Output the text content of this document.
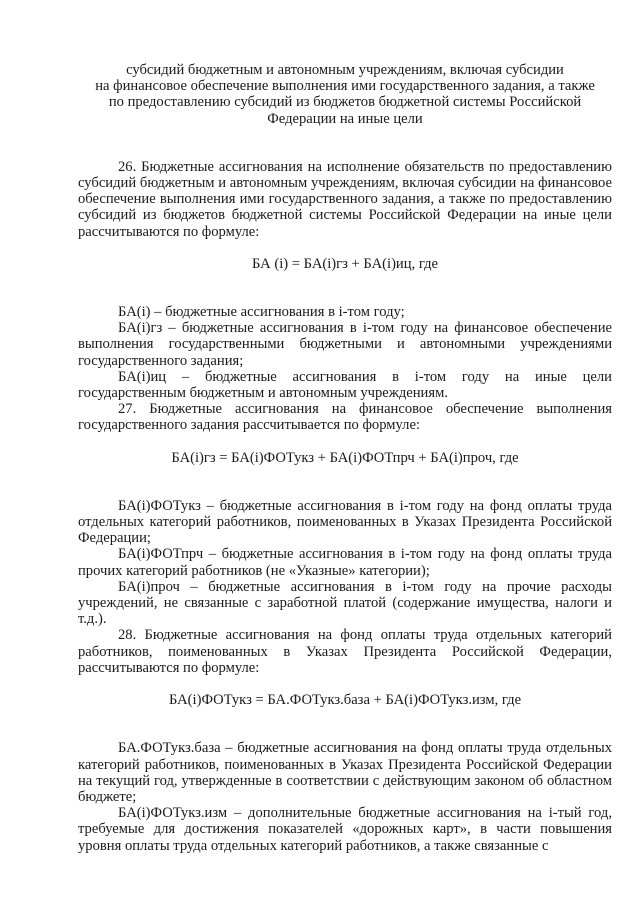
субсидий бюджетным и автономным учреждениям, включая субсидии
на финансовое обеспечение выполнения ими государственного задания, а также
по предоставлению субсидий из бюджетов бюджетной системы Российской
Федерации на иные цели

26. Бюджетные ассигнования на исполнение обязательств по предоставлению субсидий бюджетным и автономным учреждениям, включая субсидии на финансовое обеспечение выполнения ими государственного задания, а также по предоставлению субсидий из бюджетов бюджетной системы Российской Федерации на иные цели рассчитываются по формуле:

БА (i) = БА(i)гз + БА(i)иц, где

БА(i) – бюджетные ассигнования в i-том году;

БА(i)гз – бюджетные ассигнования в i-том году на финансовое обеспечение выполнения государственными бюджетными и автономными учреждениями государственного задания;

БА(i)иц – бюджетные ассигнования в i-том году на иные цели государственным бюджетным и автономным учреждениям.

27. Бюджетные ассигнования на финансовое обеспечение выполнения государственного задания рассчитывается по формуле:

БА(i)гз = БА(i)ФОТукз + БА(i)ФОТпрч + БА(i)проч, где

БА(i)ФОТукз – бюджетные ассигнования в i-том году на фонд оплаты труда отдельных категорий работников, поименованных в Указах Президента Российской Федерации;

БА(i)ФОТпрч – бюджетные ассигнования в i-том году на фонд оплаты труда прочих категорий работников (не «Указные» категории);

БА(i)проч – бюджетные ассигнования в i-том году на прочие расходы учреждений, не связанные с заработной платой (содержание имущества, налоги и т.д.).

28. Бюджетные ассигнования на фонд оплаты труда отдельных категорий работников, поименованных в Указах Президента Российской Федерации, рассчитываются по формуле:

БА(i)ФОТукз = БА.ФОТукз.база + БА(i)ФОТукз.изм, где

БА.ФОТукз.база – бюджетные ассигнования на фонд оплаты труда отдельных категорий работников, поименованных в Указах Президента Российской Федерации на текущий год, утвержденные в соответствии с действующим законом об областном бюджете;

БА(i)ФОТукз.изм – дополнительные бюджетные ассигнования на i-тый год, требуемые для достижения показателей «дорожных карт», в части повышения уровня оплаты труда отдельных категорий работников, а также связанные с
